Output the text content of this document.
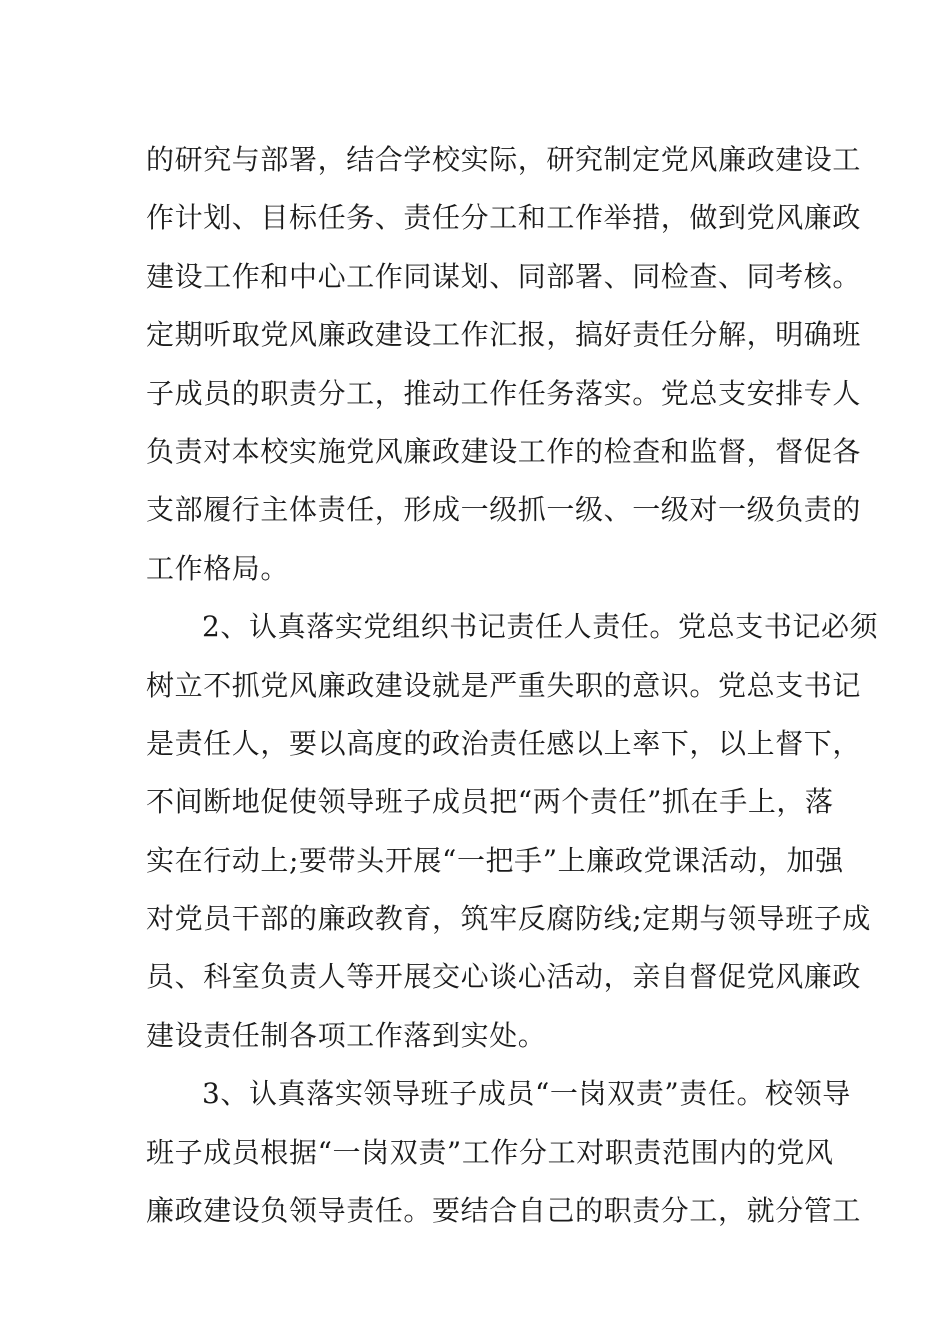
的研究与部署，结合学校实际，研究制定党风廉政建设工
作计划、目标任务、责任分工和工作举措，做到党风廉政
建设工作和中心工作同谋划、同部署、同检查、同考核。
定期听取党风廉政建设工作汇报，搞好责任分解，明确班
子成员的职责分工，推动工作任务落实。党总支安排专人
负责对本校实施党风廉政建设工作的检查和监督，督促各
支部履行主体责任，形成一级抓一级、一级对一级负责的
工作格局。
2、认真落实党组织书记责任人责任。党总支书记必须
树立不抓党风廉政建设就是严重失职的意识。党总支书记
是责任人，要以高度的政治责任感以上率下，以上督下，
不间断地促使领导班子成员把“两个责任”抓在手上，落
实在行动上;要带头开展“一把手”上廉政党课活动，加强
对党员干部的廉政教育，筑牢反腐防线;定期与领导班子成
员、科室负责人等开展交心谈心活动，亲自督促党风廉政
建设责任制各项工作落到实处。
3、认真落实领导班子成员“一岗双责”责任。校领导
班子成员根据“一岗双责”工作分工对职责范围内的党风
廉政建设负领导责任。要结合自己的职责分工，就分管工
